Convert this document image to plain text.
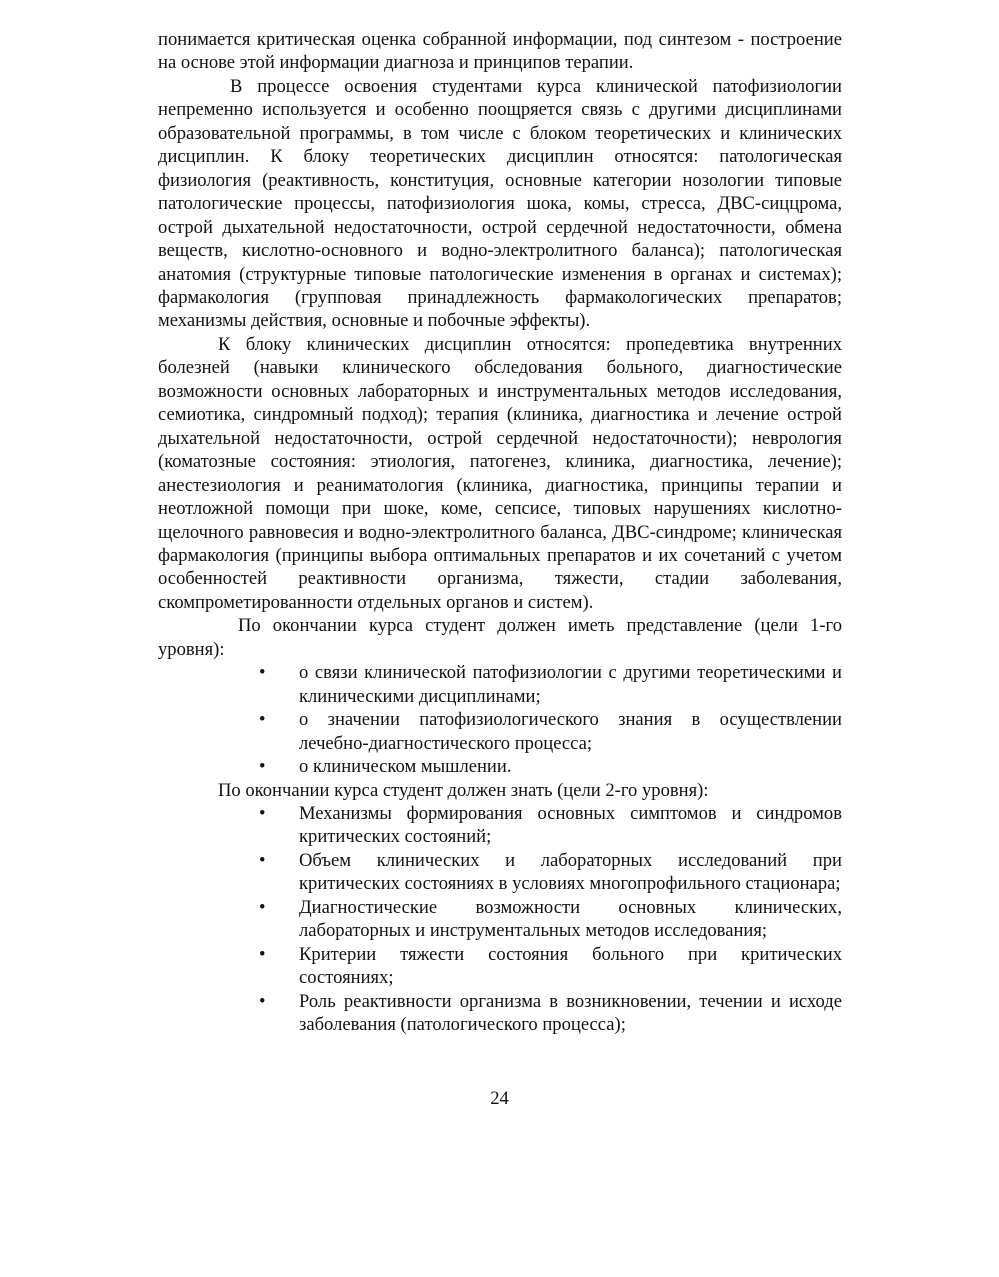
понимается критическая оценка собранной информации, под синтезом - построение на основе этой информации диагноза и принципов терапии.

В процессе освоения студентами курса клинической патофизиологии непременно используется и особенно поощряется связь с другими дисциплинами образовательной программы, в том числе с блоком теоретических и клинических дисциплин. К блоку теоретических дисциплин относятся: патологическая физиология (реактивность, конституция, основные категории нозологии типовые патологические процессы, патофизиология шока, комы, стресса, ДВС-сиццрома, острой дыхательной недостаточности, острой сердечной недостаточности, обмена веществ, кислотно-основного и водно-электролитного баланса); патологическая анатомия (структурные типовые патологические изменения в органах и системах); фармакология (групповая принадлежность фармакологических препаратов; механизмы действия, основные и побочные эффекты).

К блоку клинических дисциплин относятся: пропедевтика внутренних болезней (навыки клинического обследования больного, диагностические возможности основных лабораторных и инструментальных методов исследования, семиотика, синдромный подход); терапия (клиника, диагностика и лечение острой дыхательной недостаточности, острой сердечной недостаточности); неврология (коматозные состояния: этиология, патогенез, клиника, диагностика, лечение); анестезиология и реаниматология (клиника, диагностика, принципы терапии и неотложной помощи при шоке, коме, сепсисе, типовых нарушениях кислотно-щелочного равновесия и водно-электролитного баланса, ДВС-синдроме; клиническая фармакология (принципы выбора оптимальных препаратов и их сочетаний с учетом особенностей реактивности организма, тяжести, стадии заболевания, скомпрометированности отдельных органов и систем).

По окончании курса студент должен иметь представление (цели 1-го уровня):

• о связи клинической патофизиологии с другими теоретическими и клиническими дисциплинами;
• о значении патофизиологического знания в осуществлении лечебно-диагностического процесса;
• о клиническом мышлении.

По окончании курса студент должен знать (цели 2-го уровня):

• Механизмы формирования основных симптомов и синдромов критических состояний;
• Объем клинических и лабораторных исследований при критических состояниях в условиях многопрофильного стационара;
• Диагностические возможности основных клинических, лабораторных и инструментальных методов исследования;
• Критерии тяжести состояния больного при критических состояниях;
• Роль реактивности организма в возникновении, течении и исходе заболевания (патологического процесса);
24
